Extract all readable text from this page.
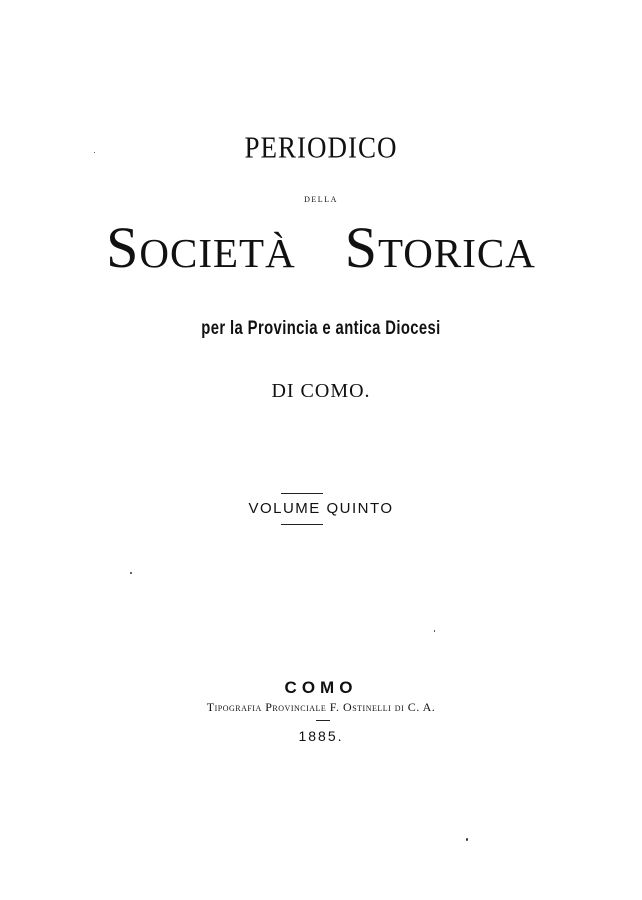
PERIODICO
DELLA
Società Storica
per la Provincia e antica Diocesi
DI COMO.
VOLUME QUINTO
COMO
Tipografia Provinciale F. Ostinelli di C. A.
1885.
